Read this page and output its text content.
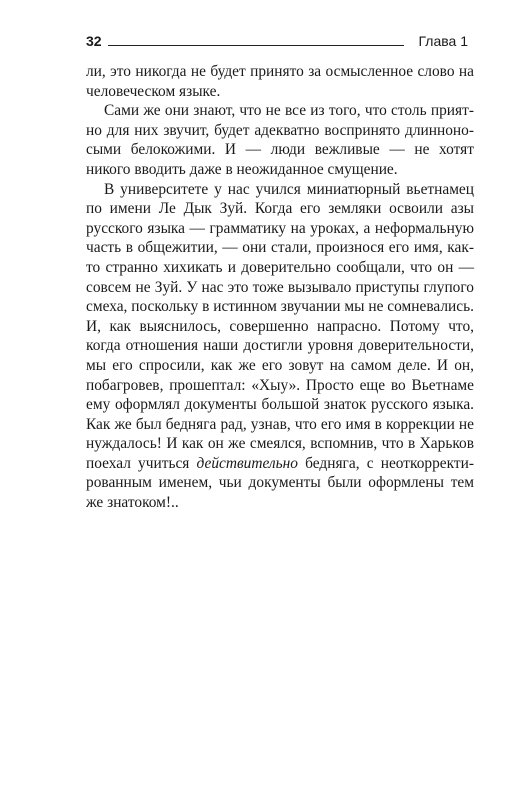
32	Глава 1

ли, это никогда не будет принято за осмысленное слово на человеческом языке.

Сами же они знают, что не все из того, что столь приятно для них звучит, будет адекватно воспринято длинноносыми белокожими. И — люди вежливые — не хотят никого вводить даже в неожиданное смущение.

В университете у нас учился миниатюрный вьетнамец по имени Ле Дык Зуй. Когда его земляки освоили азы русского языка — грамматику на уроках, а неформальную часть в общежитии, — они стали, произнося его имя, как-то странно хихикать и доверительно сообщали, что он — совсем не Зуй. У нас это тоже вызывало приступы глупого смеха, поскольку в истинном звучании мы не сомневались. И, как выяснилось, совершенно напрасно. Потому что, когда отношения наши достигли уровня доверительности, мы его спросили, как же его зовут на самом деле. И он, побагровев, прошептал: «Хыу». Просто еще во Вьетнаме ему оформлял документы большой знаток русского языка. Как же был бедняга рад, узнав, что его имя в коррекции не нуждалось! И как он же смеялся, вспомнив, что в Харьков поехал учиться действительно бедняга, с неоткорректированным именем, чьи документы были оформлены тем же знатоком!..
